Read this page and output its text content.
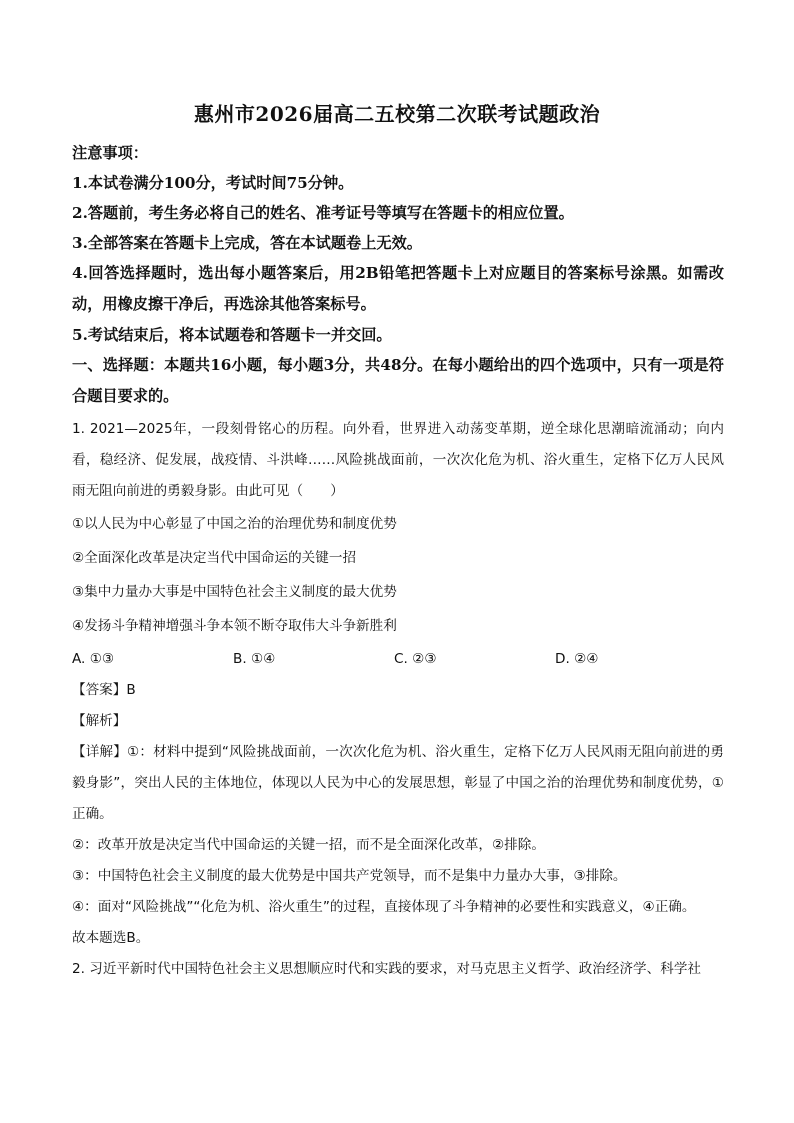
惠州市2026届高二五校第二次联考试题政治

注意事项：

1.本试卷满分100分，考试时间75分钟。

2.答题前，考生务必将自己的姓名、准考证号等填写在答题卡的相应位置。

3.全部答案在答题卡上完成，答在本试题卷上无效。

4.回答选择题时，选出每小题答案后，用2B铅笔把答题卡上对应题目的答案标号涂黑。如需改动，用橡皮擦干净后，再选涂其他答案标号。

5.考试结束后，将本试题卷和答题卡一并交回。

一、选择题：本题共16小题，每小题3分，共48分。在每小题给出的四个选项中，只有一项是符合题目要求的。

1. 2021—2025年，一段刻骨铭心的历程。向外看，世界进入动荡变革期，逆全球化思潮暗流涌动；向内看，稳经济、促发展，战疫情、斗洪峰……风险挑战面前，一次次化危为机、浴火重生，定格下亿万人民风雨无阻向前进的勇毅身影。由此可见（　　）

①以人民为中心彰显了中国之治的治理优势和制度优势

②全面深化改革是决定当代中国命运的关键一招

③集中力量办大事是中国特色社会主义制度的最大优势

④发扬斗争精神增强斗争本领不断夺取伟大斗争新胜利

A. ①③	B. ①④	C. ②③	D. ②④

【答案】B

【解析】

【详解】①：材料中提到“风险挑战面前，一次次化危为机、浴火重生，定格下亿万人民风雨无阻向前进的勇毅身影”，突出人民的主体地位，体现以人民为中心的发展思想，彰显了中国之治的治理优势和制度优势，①正确。

②：改革开放是决定当代中国命运的关键一招，而不是全面深化改革，②排除。

③：中国特色社会主义制度的最大优势是中国共产党领导，而不是集中力量办大事，③排除。

④：面对“风险挑战”“化危为机、浴火重生”的过程，直接体现了斗争精神的必要性和实践意义，④正确。

故本题选B。

2. 习近平新时代中国特色社会主义思想顺应时代和实践的要求，对马克思主义哲学、政治经济学、科学社
